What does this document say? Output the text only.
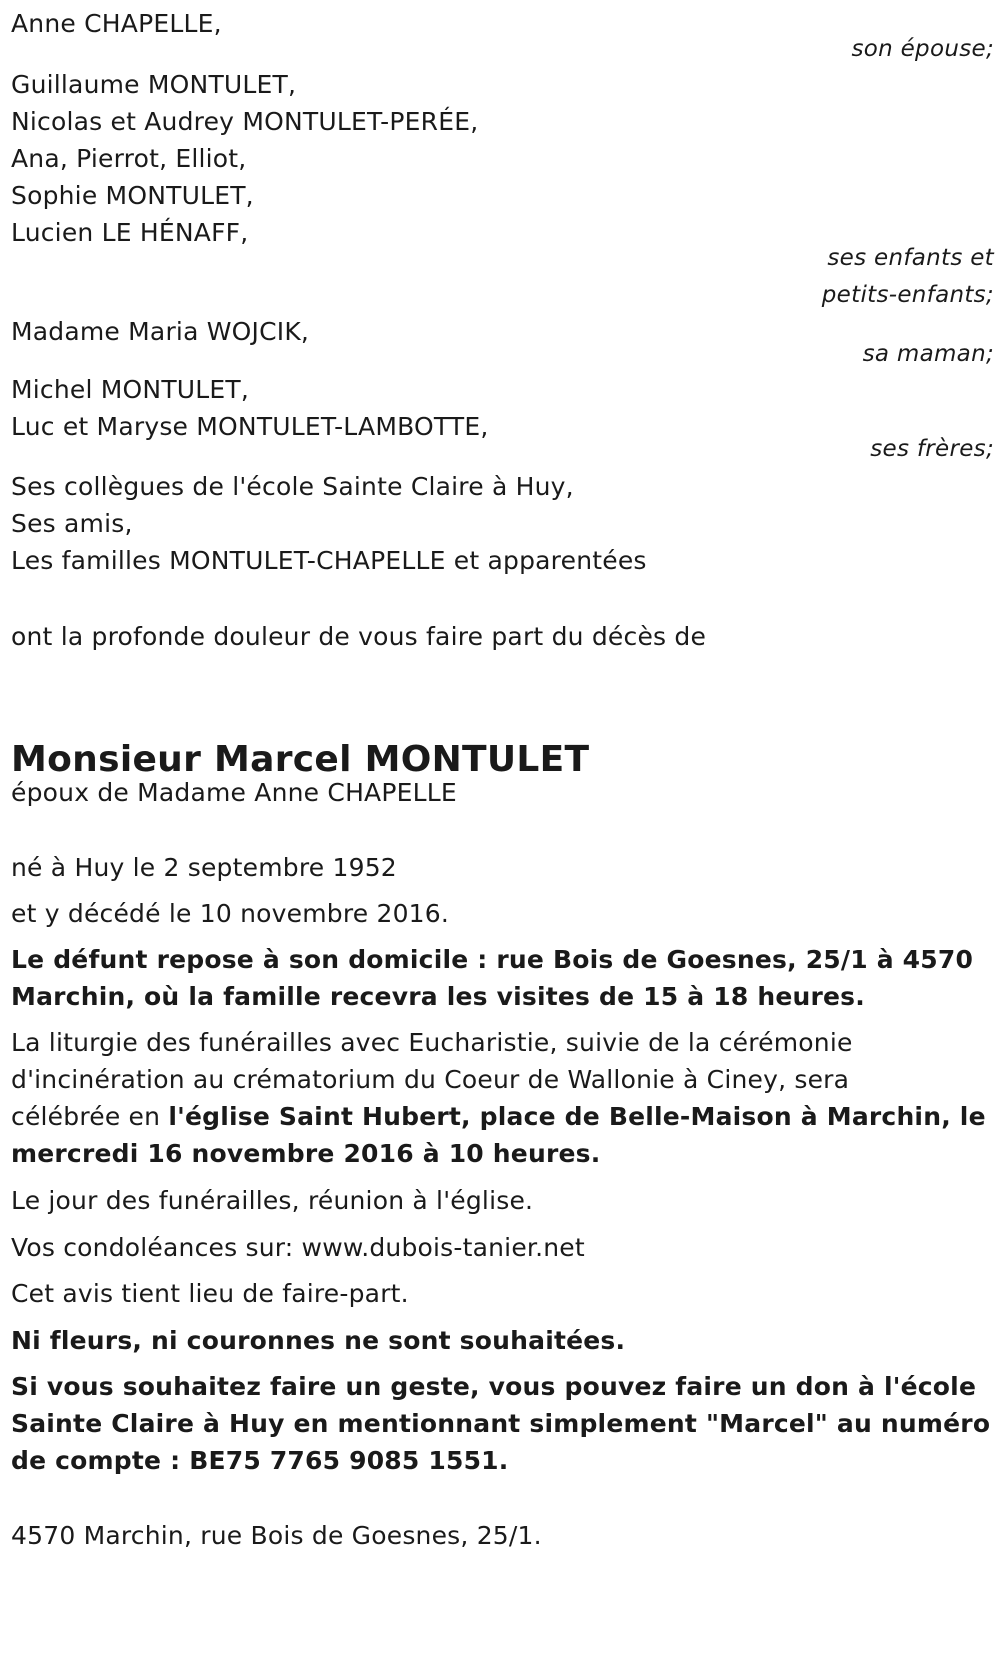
Anne CHAPELLE,
son épouse;
Guillaume MONTULET,
Nicolas et Audrey MONTULET-PERÉE,
Ana, Pierrot, Elliot,
Sophie MONTULET,
Lucien LE HÉNAFF,
ses enfants et
petits-enfants;
Madame Maria WOJCIK,
sa maman;
Michel MONTULET,
Luc et Maryse MONTULET-LAMBOTTE,
ses frères;
Ses collègues de l'école Sainte Claire à Huy,
Ses amis,
Les familles MONTULET-CHAPELLE et apparentées
ont la profonde douleur de vous faire part du décès de
Monsieur Marcel MONTULET
époux de Madame Anne CHAPELLE
né à Huy le 2 septembre 1952
et y décédé le 10 novembre 2016.
Le défunt repose à son domicile : rue Bois de Goesnes, 25/1 à 4570
Marchin, où la famille recevra les visites de 15 à 18 heures.
La liturgie des funérailles avec Eucharistie, suivie de la cérémonie
d'incinération au crématorium du Coeur de Wallonie à Ciney, sera
célébrée en l'église Saint Hubert, place de Belle-Maison à Marchin, le
mercredi 16 novembre 2016 à 10 heures.
Le jour des funérailles, réunion à l'église.
Vos condoléances sur: www.dubois-tanier.net
Cet avis tient lieu de faire-part.
Ni fleurs, ni couronnes ne sont souhaitées.
Si vous souhaitez faire un geste, vous pouvez faire un don à l'école
Sainte Claire à Huy en mentionnant simplement "Marcel" au numéro
de compte : BE75 7765 9085 1551.
4570 Marchin, rue Bois de Goesnes, 25/1.
